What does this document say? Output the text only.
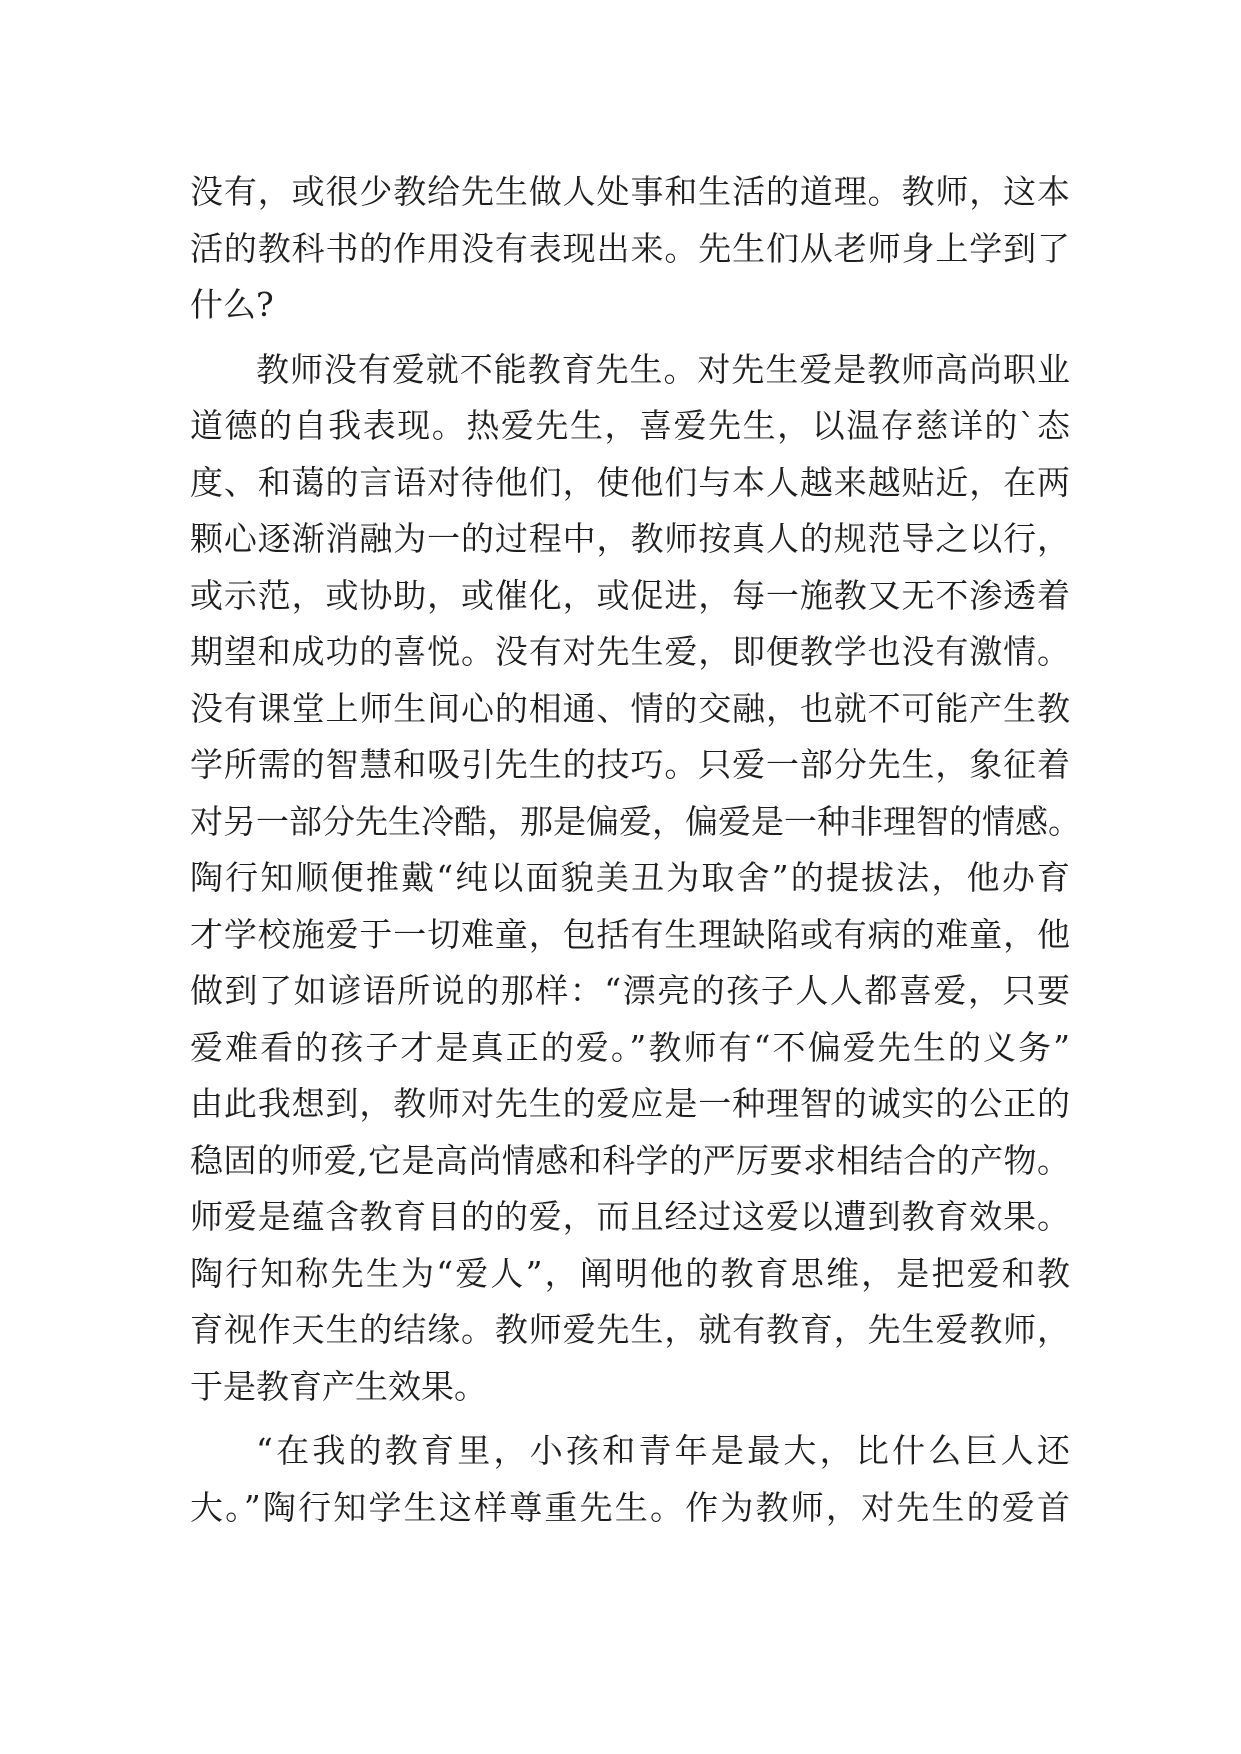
没有，或很少教给先生做人处事和生活的道理。教师，这本
活的教科书的作用没有表现出来。先生们从老师身上学到了
什么?
教师没有爱就不能教育先生。对先生爱是教师高尚职业
道德的自我表现。热爱先生，喜爱先生，以温存慈详的`态
度、和蔼的言语对待他们，使他们与本人越来越贴近，在两
颗心逐渐消融为一的过程中，教师按真人的规范导之以行，
或示范，或协助，或催化，或促进，每一施教又无不渗透着
期望和成功的喜悦。没有对先生爱，即便教学也没有激情。
没有课堂上师生间心的相通、情的交融，也就不可能产生教
学所需的智慧和吸引先生的技巧。只爱一部分先生，象征着
对另一部分先生冷酷，那是偏爱，偏爱是一种非理智的情感。
陶行知顺便推戴“纯以面貌美丑为取舍”的提拔法，他办育
才学校施爱于一切难童，包括有生理缺陷或有病的难童，他
做到了如谚语所说的那样：“漂亮的孩子人人都喜爱，只要
爱难看的孩子才是真正的爱。”教师有“不偏爱先生的义务”
由此我想到，教师对先生的爱应是一种理智的诚实的公正的
稳固的师爱,它是高尚情感和科学的严厉要求相结合的产物。
师爱是蕴含教育目的的爱，而且经过这爱以遭到教育效果。
陶行知称先生为“爱人”，阐明他的教育思维，是把爱和教
育视作天生的结缘。教师爱先生，就有教育，先生爱教师，
于是教育产生效果。
“在我的教育里，小孩和青年是最大，比什么巨人还
大。”陶行知学生这样尊重先生。作为教师，对先生的爱首
